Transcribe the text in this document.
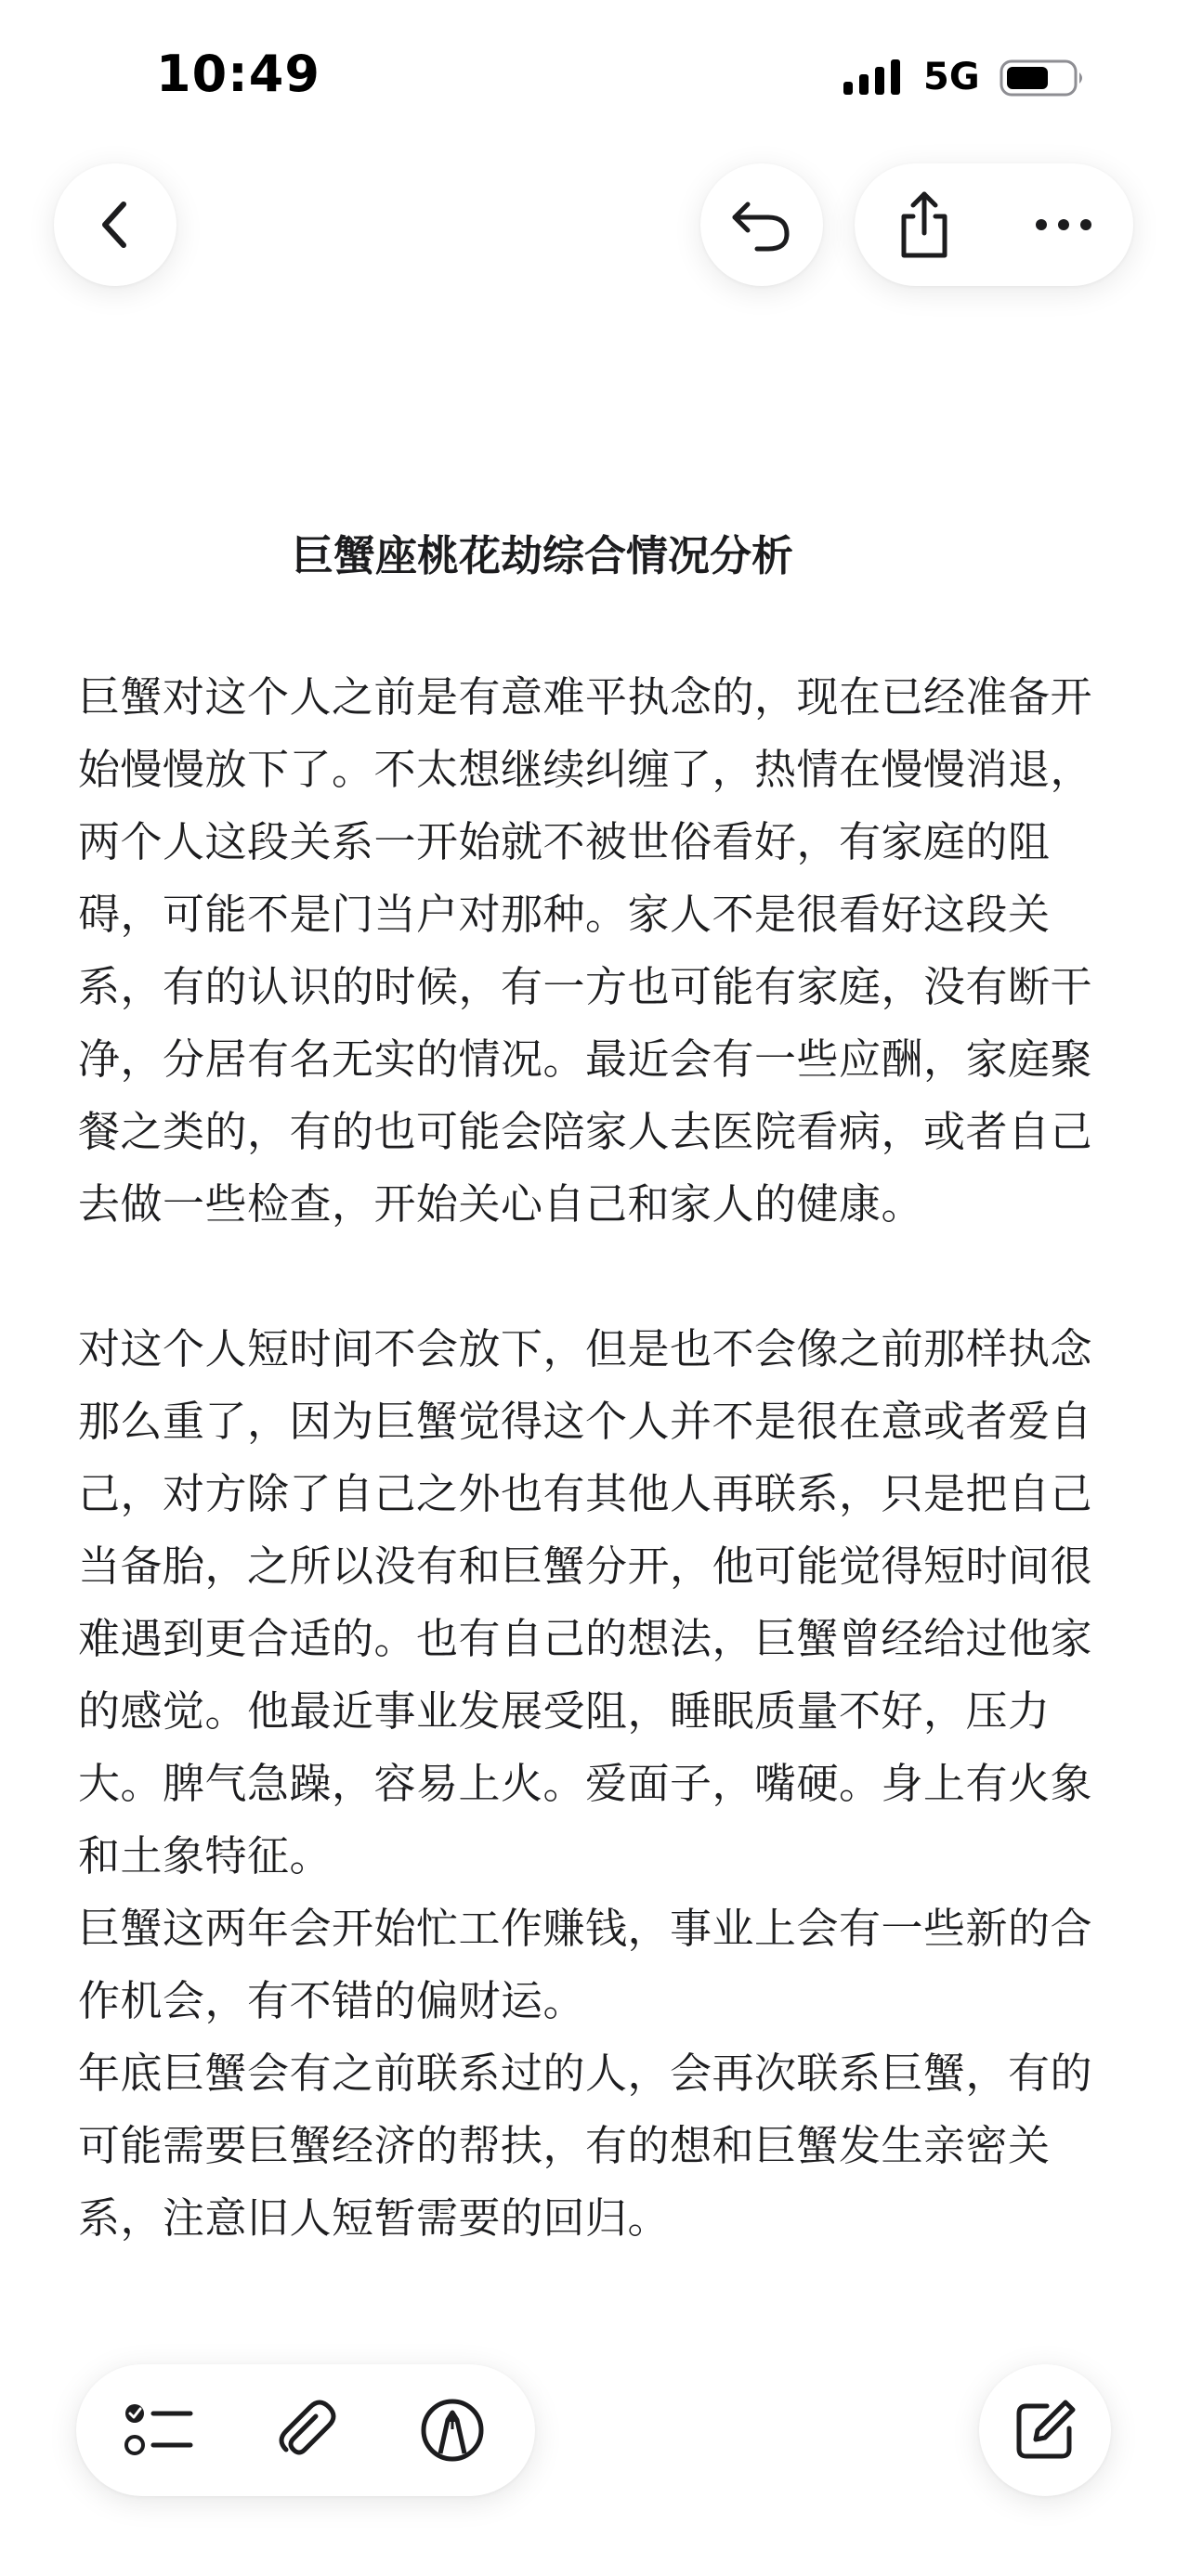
10:49	5G
巨蟹座桃花劫综合情况分析

巨蟹对这个人之前是有意难平执念的，现在已经准备开始慢慢放下了。不太想继续纠缠了，热情在慢慢消退，两个人这段关系一开始就不被世俗看好，有家庭的阻碍，可能不是门当户对那种。家人不是很看好这段关系，有的认识的时候，有一方也可能有家庭，没有断干净，分居有名无实的情况。最近会有一些应酬，家庭聚餐之类的，有的也可能会陪家人去医院看病，或者自己去做一些检查，开始关心自己和家人的健康。

对这个人短时间不会放下，但是也不会像之前那样执念那么重了，因为巨蟹觉得这个人并不是很在意或者爱自己，对方除了自己之外也有其他人再联系，只是把自己当备胎，之所以没有和巨蟹分开，他可能觉得短时间很难遇到更合适的。也有自己的想法，巨蟹曾经给过他家的感觉。他最近事业发展受阻，睡眠质量不好，压力大。脾气急躁，容易上火。爱面子，嘴硬。身上有火象和土象特征。

巨蟹这两年会开始忙工作赚钱，事业上会有一些新的合作机会，有不错的偏财运。

年底巨蟹会有之前联系过的人，会再次联系巨蟹，有的可能需要巨蟹经济的帮扶，有的想和巨蟹发生亲密关系，注意旧人短暂需要的回归。
